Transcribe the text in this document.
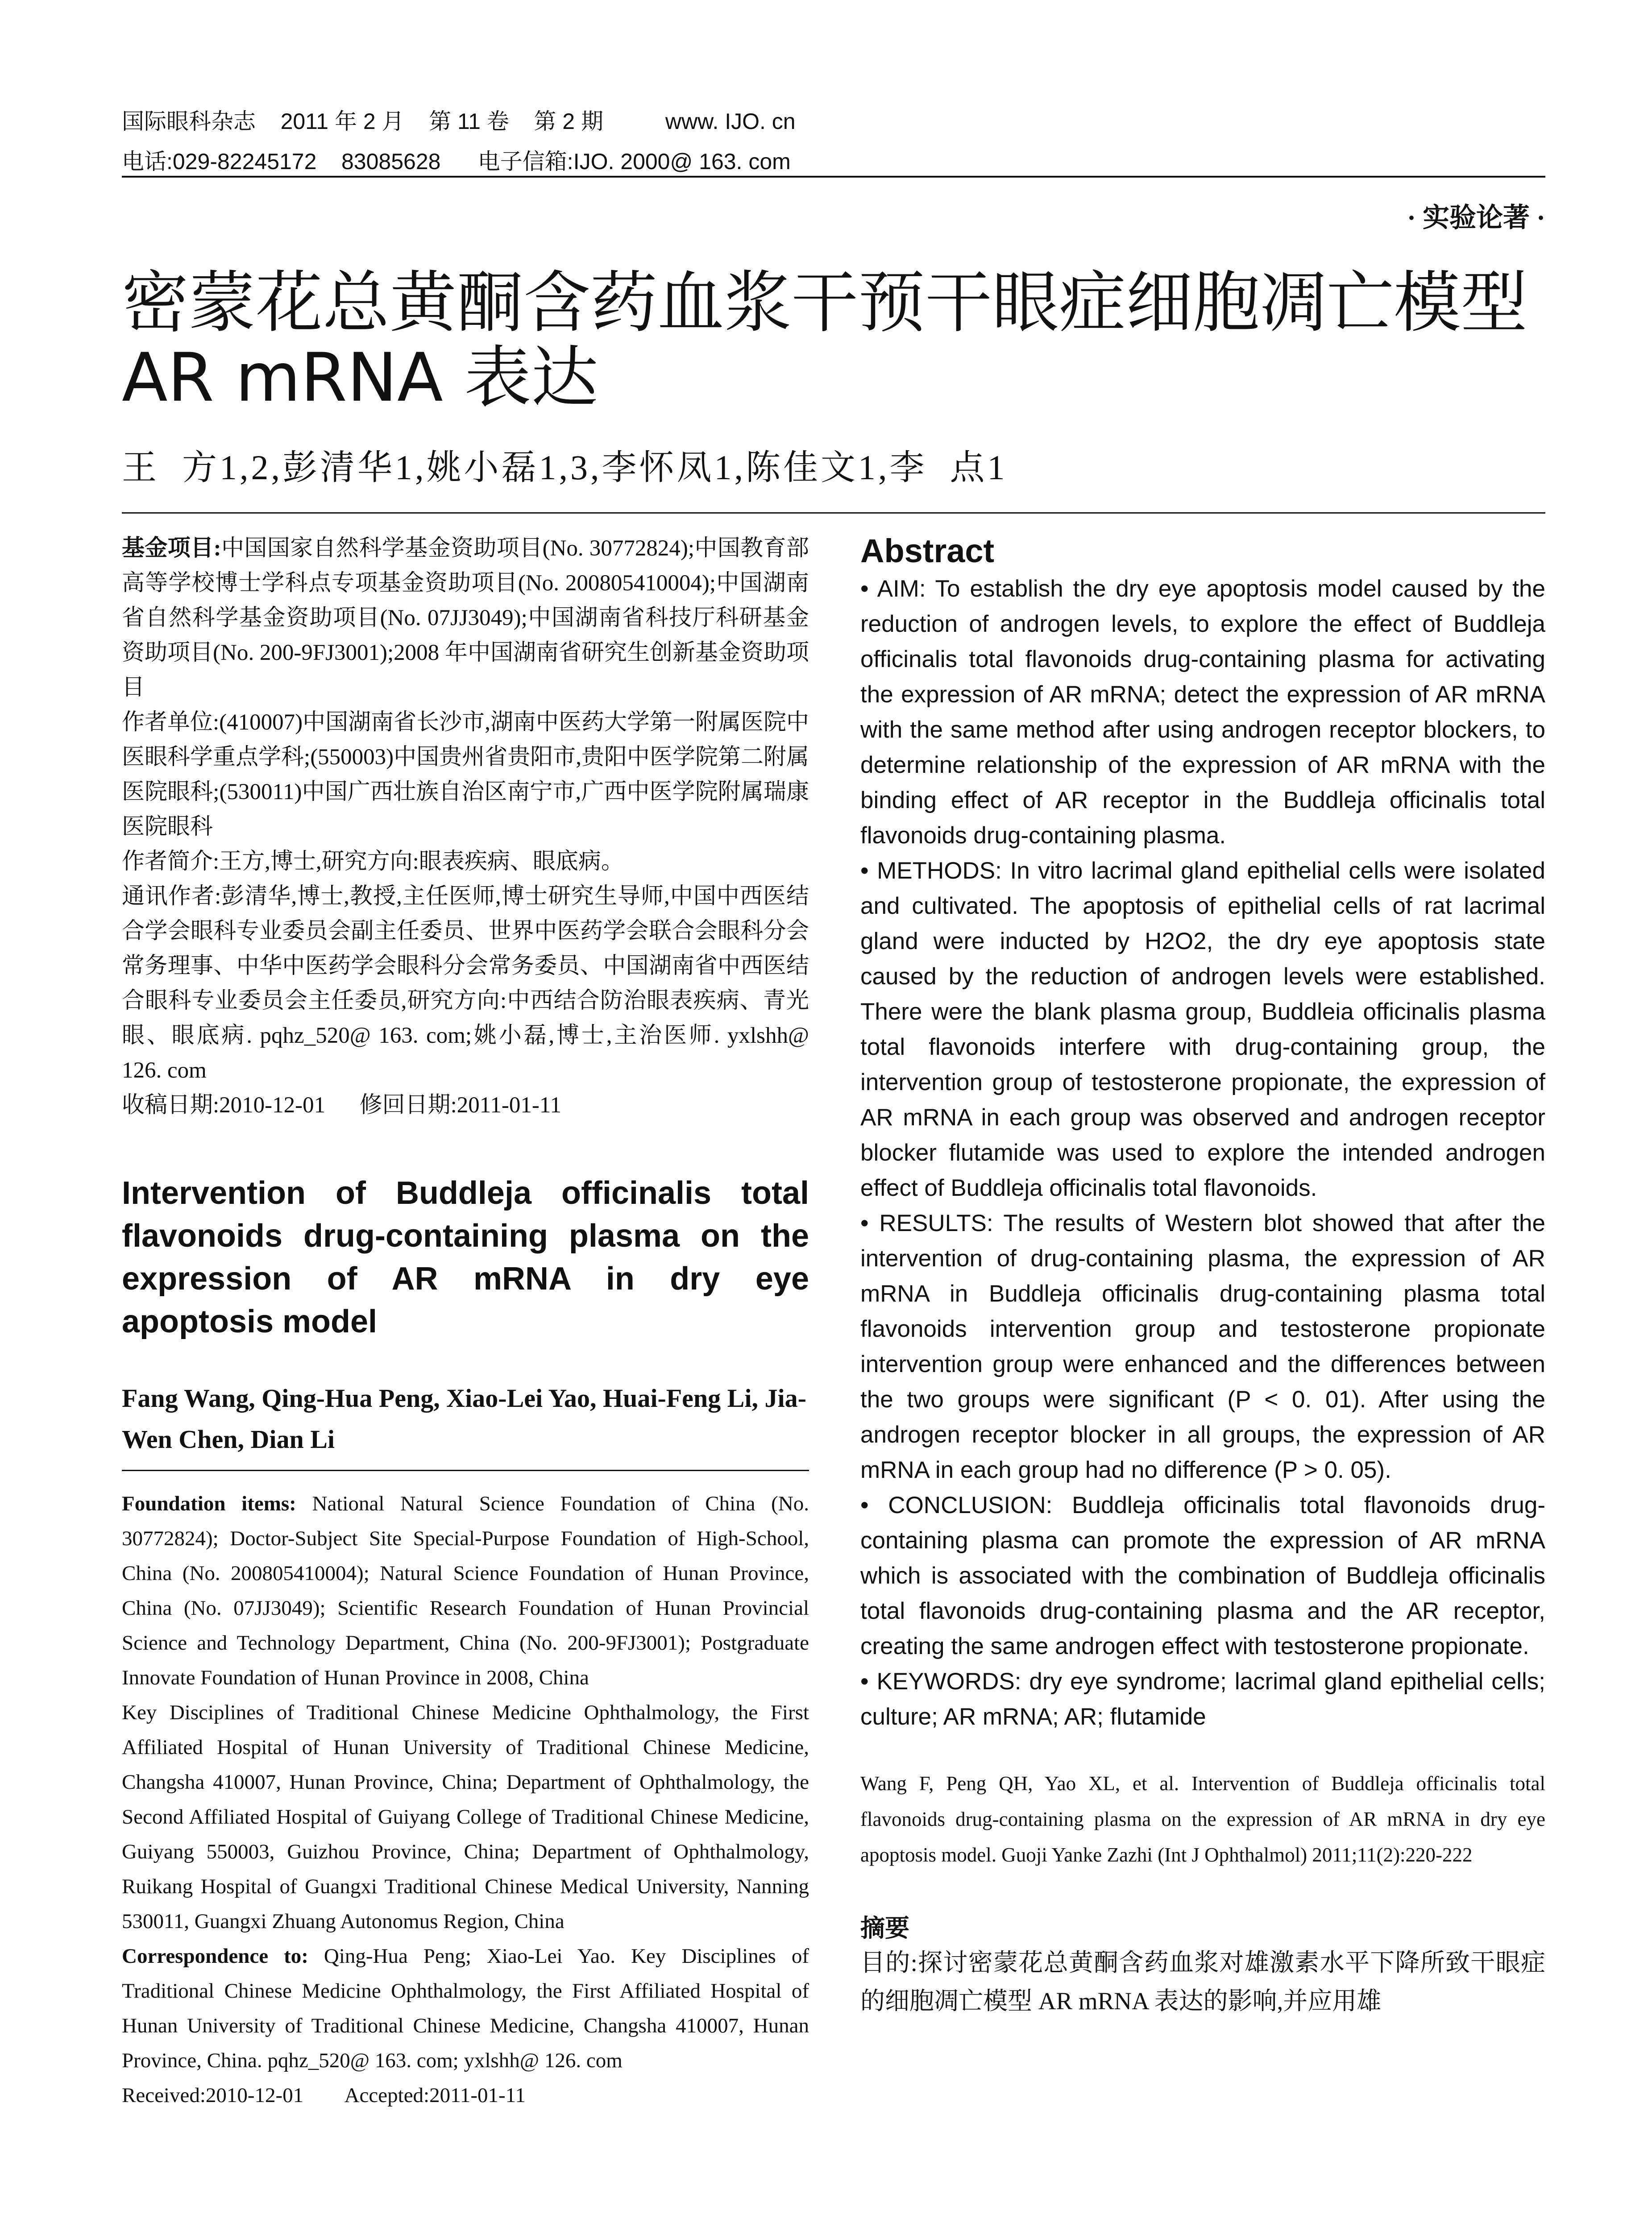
国际眼科杂志    2011 年 2 月    第 11 卷    第 2 期          www. IJO. cn
电话:029-82245172    83085628      电子信箱:IJO. 2000@ 163. com
· 实验论著 ·
密蒙花总黄酮含药血浆干预干眼症细胞凋亡模型 AR mRNA 表达
王  方1,2,彭清华1,姚小磊1,3,李怀凤1,陈佳文1,李  点1

基金项目:中国国家自然科学基金资助项目(No. 30772824);中国教育部高等学校博士学科点专项基金资助项目(No. 200805410004);中国湖南省自然科学基金资助项目(No. 07JJ3049);中国湖南省科技厅科研基金资助项目(No. 200-9FJ3001);2008 年中国湖南省研究生创新基金资助项目

作者单位:(410007)中国湖南省长沙市,湖南中医药大学第一附属医院中医眼科学重点学科;(550003)中国贵州省贵阳市,贵阳中医学院第二附属医院眼科;(530011)中国广西壮族自治区南宁市,广西中医学院附属瑞康医院眼科

作者简介:王方,博士,研究方向:眼表疾病、眼底病。

通讯作者:彭清华,博士,教授,主任医师,博士研究生导师,中国中西医结合学会眼科专业委员会副主任委员、世界中医药学会联合会眼科分会常务理事、中华中医药学会眼科分会常务委员、中国湖南省中西医结合眼科专业委员会主任委员,研究方向:中西结合防治眼表疾病、青光眼、眼底病. pqhz_520@ 163. com;姚小磊,博士,主治医师. yxlshh@ 126. com

收稿日期:2010-12-01      修回日期:2011-01-11

Intervention of Buddleja officinalis total flavonoids drug-containing plasma on the expression of AR mRNA in dry eye apoptosis model
Fang Wang, Qing-Hua Peng, Xiao-Lei Yao, Huai-Feng Li, Jia-Wen Chen, Dian Li

Foundation items: National Natural Science Foundation of China (No. 30772824); Doctor-Subject Site Special-Purpose Foundation of High-School, China (No. 200805410004); Natural Science Foundation of Hunan Province, China (No. 07JJ3049); Scientific Research Foundation of Hunan Provincial Science and Technology Department, China (No. 200-9FJ3001); Postgraduate Innovate Foundation of Hunan Province in 2008, China

Key Disciplines of Traditional Chinese Medicine Ophthalmology, the First Affiliated Hospital of Hunan University of Traditional Chinese Medicine, Changsha 410007, Hunan Province, China; Department of Ophthalmology, the Second Affiliated Hospital of Guiyang College of Traditional Chinese Medicine, Guiyang 550003, Guizhou Province, China; Department of Ophthalmology, Ruikang Hospital of Guangxi Traditional Chinese Medical University, Nanning 530011, Guangxi Zhuang Autonomus Region, China

Correspondence to: Qing-Hua Peng; Xiao-Lei Yao. Key Disciplines of Traditional Chinese Medicine Ophthalmology, the First Affiliated Hospital of Hunan University of Traditional Chinese Medicine, Changsha 410007, Hunan Province, China. pqhz_520@ 163. com; yxlshh@ 126. com

Received:2010-12-01        Accepted:2011-01-11

Abstract

• AIM: To establish the dry eye apoptosis model caused by the reduction of androgen levels, to explore the effect of Buddleja officinalis total flavonoids drug-containing plasma for activating the expression of AR mRNA; detect the expression of AR mRNA with the same method after using androgen receptor blockers, to determine relationship of the expression of AR mRNA with the binding effect of AR receptor in the Buddleja officinalis total flavonoids drug-containing plasma.

• METHODS: In vitro lacrimal gland epithelial cells were isolated and cultivated. The apoptosis of epithelial cells of rat lacrimal gland were inducted by H2O2, the dry eye apoptosis state caused by the reduction of androgen levels were established. There were the blank plasma group, Buddleia officinalis plasma total flavonoids interfere with drug-containing group, the intervention group of testosterone propionate, the expression of AR mRNA in each group was observed and androgen receptor blocker flutamide was used to explore the intended androgen effect of Buddleja officinalis total flavonoids.

• RESULTS: The results of Western blot showed that after the intervention of drug-containing plasma, the expression of AR mRNA in Buddleja officinalis drug-containing plasma total flavonoids intervention group and testosterone propionate intervention group were enhanced and the differences between the two groups were significant (P < 0. 01). After using the androgen receptor blocker in all groups, the expression of AR mRNA in each group had no difference (P > 0. 05).

• CONCLUSION: Buddleja officinalis total flavonoids drug-containing plasma can promote the expression of AR mRNA which is associated with the combination of Buddleja officinalis total flavonoids drug-containing plasma and the AR receptor, creating the same androgen effect with testosterone propionate.

• KEYWORDS: dry eye syndrome; lacrimal gland epithelial cells; culture; AR mRNA; AR; flutamide

Wang F, Peng QH, Yao XL, et al. Intervention of Buddleja officinalis total flavonoids drug-containing plasma on the expression of AR mRNA in dry eye apoptosis model. Guoji Yanke Zazhi (Int J Ophthalmol) 2011;11(2):220-222
摘要
目的:探讨密蒙花总黄酮含药血浆对雄激素水平下降所致干眼症的细胞凋亡模型 AR mRNA 表达的影响,并应用雄
